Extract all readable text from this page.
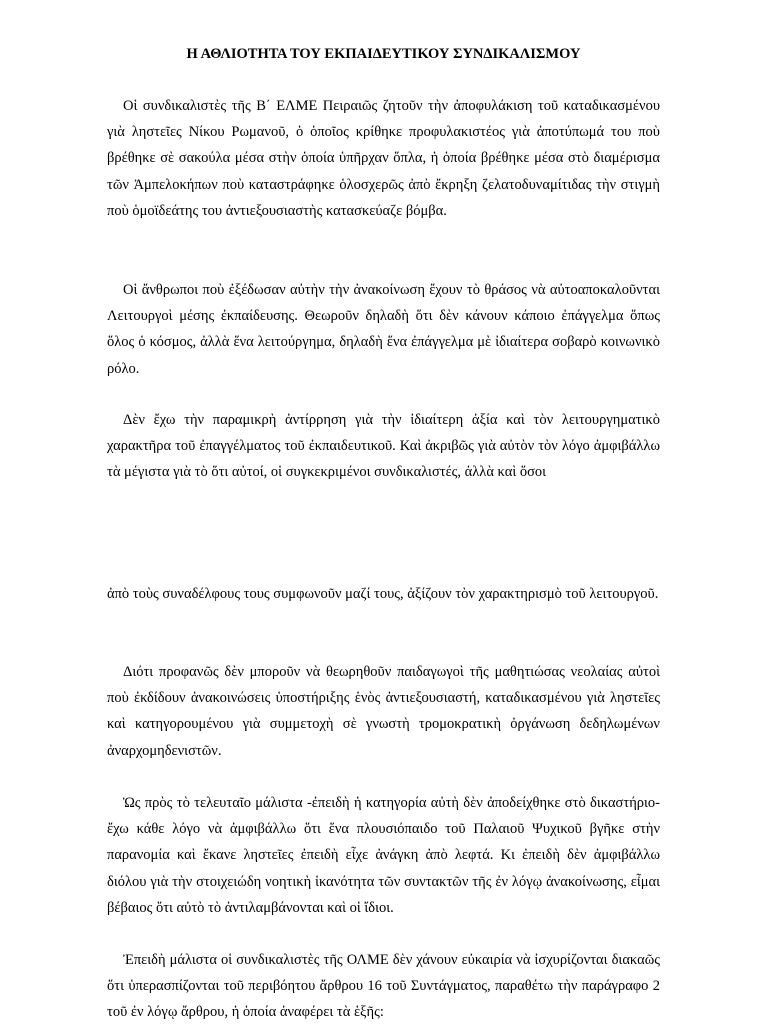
Η ΑΘΛΙΟΤΗΤΑ ΤΟΥ ΕΚΠΑΙΔΕΥΤΙΚΟΥ ΣΥΝΔΙΚΑΛΙΣΜΟΥ

Οἱ συνδικαλιστὲς τῆς Β΄ ΕΛΜΕ Πειραιῶς ζητοῦν τὴν ἀποφυλάκιση τοῦ καταδικασμένου γιὰ ληστεῖες Νίκου Ρωμανοῦ, ὁ ὁποῖος κρίθηκε προφυλακιστέος γιὰ ἀποτύπωμά του ποὺ βρέθηκε σὲ σακούλα μέσα στὴν ὁποία ὑπῆρχαν ὅπλα, ἡ ὁποία βρέθηκε μέσα στὸ διαμέρισμα τῶν Ἀμπελοκήπων ποὺ καταστράφηκε ὁλοσχερῶς ἀπὸ ἔκρηξη ζελατοδυναμίτιδας τὴν στιγμὴ ποὺ ὁμοϊδεάτης του ἀντιεξουσιαστὴς κατασκεύαζε βόμβα.

Οἱ ἄνθρωποι ποὺ ἐξέδωσαν αὐτὴν τὴν ἀνακοίνωση ἔχουν τὸ θράσος νὰ αὐτοαποκαλοῦνται Λειτουργοὶ μέσης ἐκπαίδευσης. Θεωροῦν δηλαδὴ ὅτι δὲν κάνουν κάποιο ἐπάγγελμα ὅπως ὅλος ὁ κόσμος, ἀλλὰ ἕνα λειτούργημα, δηλαδὴ ἕνα ἐπάγγελμα μὲ ἰδιαίτερα σοβαρὸ κοινωνικὸ ρόλο.

Δὲν ἔχω τὴν παραμικρὴ ἀντίρρηση γιὰ τὴν ἰδιαίτερη ἀξία καὶ τὸν λειτουργηματικὸ χαρακτῆρα τοῦ ἐπαγγέλματος τοῦ ἐκπαιδευτικοῦ. Καὶ ἀκριβῶς γιὰ αὐτὸν τὸν λόγο ἀμφιβάλλω τὰ μέγιστα γιὰ τὸ ὅτι αὐτοί, οἱ συγκεκριμένοι συνδικαλιστές, ἀλλὰ καὶ ὅσοι

ἀπὸ τοὺς συναδέλφους τους συμφωνοῦν μαζί τους, ἀξίζουν τὸν χαρακτηρισμὸ τοῦ λειτουργοῦ.

Διότι προφανῶς δὲν μποροῦν νὰ θεωρηθοῦν παιδαγωγοὶ τῆς μαθητιώσας νεολαίας αὐτοὶ ποὺ ἐκδίδουν ἀνακοινώσεις ὑποστήριξης ἑνὸς ἀντιεξουσιαστή, καταδικασμένου γιὰ ληστεῖες καὶ κατηγορουμένου γιὰ συμμετοχὴ σὲ γνωστὴ τρομοκρατικὴ ὀργάνωση δεδηλωμένων ἀναρχομηδενιστῶν.

Ὡς πρὸς τὸ τελευταῖο μάλιστα -ἐπειδὴ ἡ κατηγορία αὐτὴ δὲν ἀποδείχθηκε στὸ δικαστήριο- ἔχω κάθε λόγο νὰ ἀμφιβάλλω ὅτι ἕνα πλουσιόπαιδο τοῦ Παλαιοῦ Ψυχικοῦ βγῆκε στὴν παρανομία καὶ ἔκανε ληστεῖες ἐπειδὴ εἶχε ἀνάγκη ἀπὸ λεφτά. Κι ἐπειδὴ δὲν ἀμφιβάλλω διόλου γιὰ τὴν στοιχειώδη νοητικὴ ἱκανότητα τῶν συντακτῶν τῆς ἐν λόγῳ ἀνακοίνωσης, εἶμαι βέβαιος ὅτι αὐτὸ τὸ ἀντιλαμβάνονται καὶ οἱ ἴδιοι.

Ἐπειδὴ μάλιστα οἱ συνδικαλιστὲς τῆς ΟΛΜΕ δὲν χάνουν εὐκαιρία νὰ ἰσχυρίζονται διακαῶς ὅτι ὑπερασπίζονται τοῦ περιβόητου ἄρθρου 16 τοῦ Συντάγματος, παραθέτω τὴν παράγραφο 2 τοῦ ἐν λόγῳ ἄρθρου, ἡ ὁποία ἀναφέρει τὰ ἑξῆς:
